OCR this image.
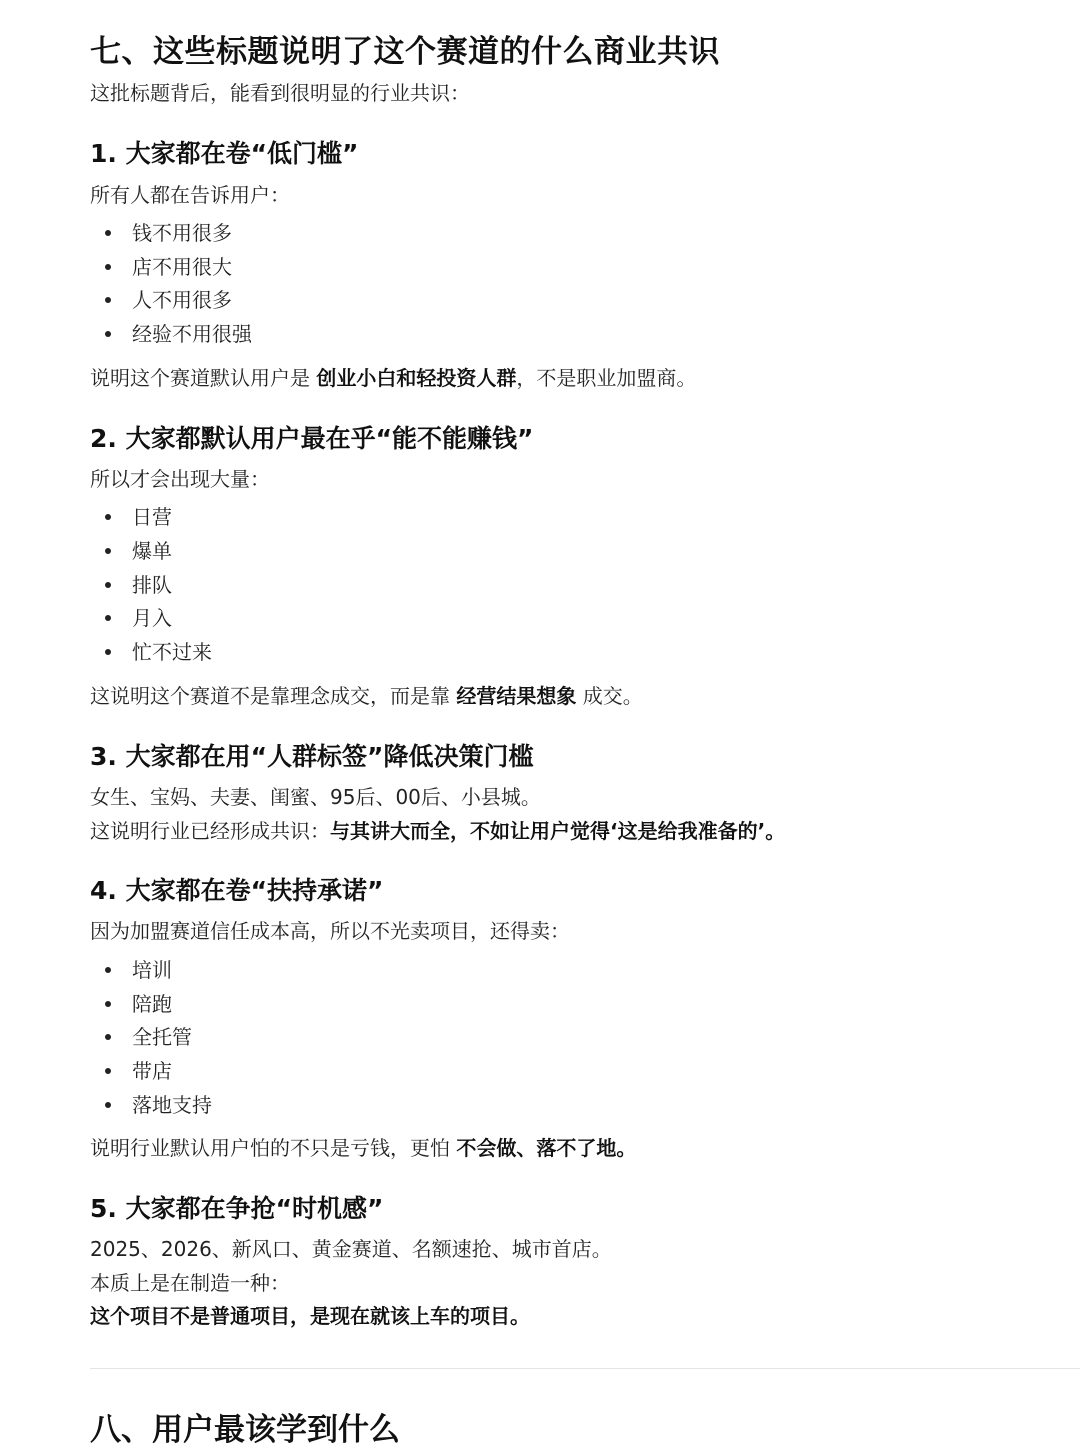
七、这些标题说明了这个赛道的什么商业共识
这批标题背后，能看到很明显的行业共识：
1. 大家都在卷“低门槛”
所有人都在告诉用户：
钱不用很多
店不用很大
人不用很多
经验不用很强
说明这个赛道默认用户是 创业小白和轻投资人群，不是职业加盟商。
2. 大家都默认用户最在乎“能不能赚钱”
所以才会出现大量：
日营
爆单
排队
月入
忙不过来
这说明这个赛道不是靠理念成交，而是靠 经营结果想象 成交。
3. 大家都在用“人群标签”降低决策门槛
女生、宝妈、夫妻、闺蜜、95后、00后、小县城。
这说明行业已经形成共识：与其讲大而全，不如让用户觉得‘这是给我准备的’。
4. 大家都在卷“扶持承诺”
因为加盟赛道信任成本高，所以不光卖项目，还得卖：
培训
陪跑
全托管
带店
落地支持
说明行业默认用户怕的不只是亏钱，更怕 不会做、落不了地。
5. 大家都在争抢“时机感”
2025、2026、新风口、黄金赛道、名额速抢、城市首店。
本质上是在制造一种：
这个项目不是普通项目，是现在就该上车的项目。
八、用户最该学到什么
